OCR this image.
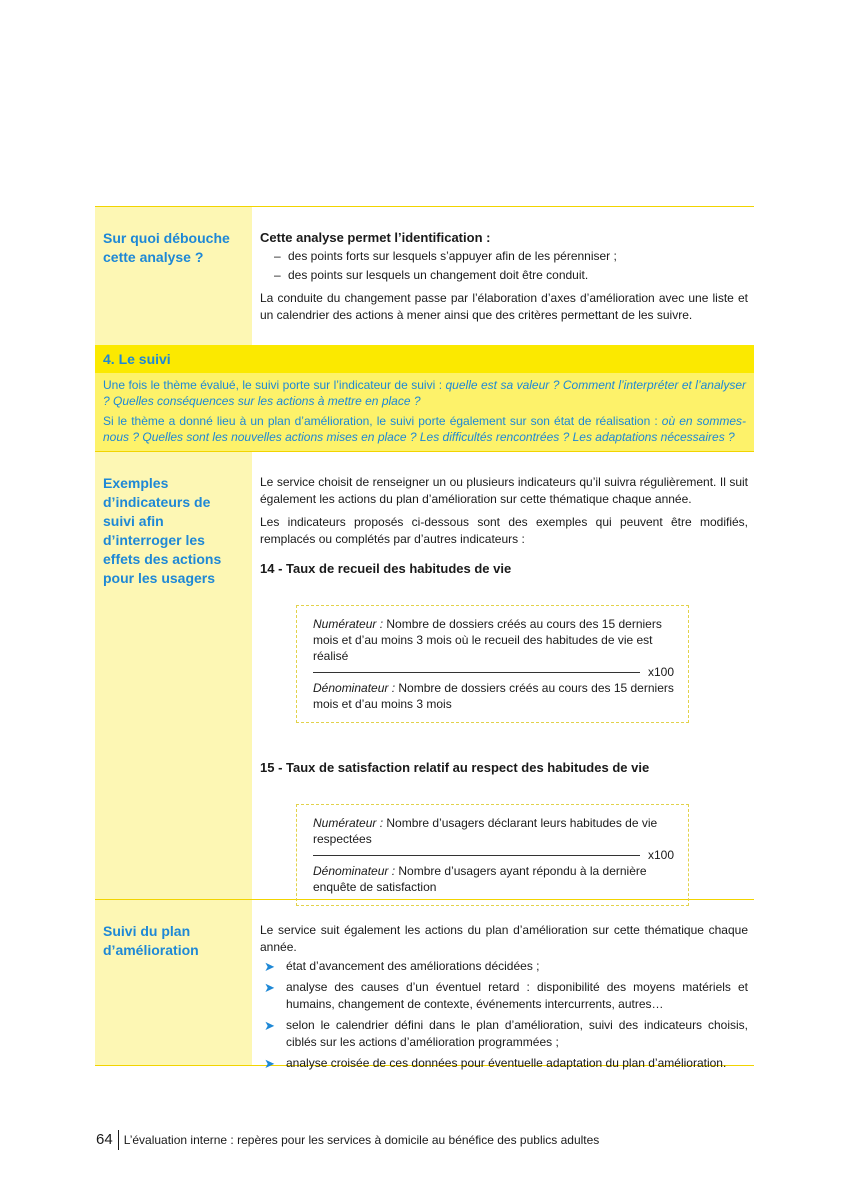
Sur quoi débouche cette analyse ?
Cette analyse permet l’identification :
– des points forts sur lesquels s’appuyer afin de les pérenniser ;
– des points sur lesquels un changement doit être conduit.

La conduite du changement passe par l’élaboration d’axes d’amélioration avec une liste et un calendrier des actions à mener ainsi que des critères permettant de les suivre.

4. Le suivi

Une fois le thème évalué, le suivi porte sur l’indicateur de suivi : quelle est sa valeur ? Comment l’interpréter et l’analyser ? Quelles conséquences sur les actions à mettre en place ?

Si le thème a donné lieu à un plan d’amélioration, le suivi porte également sur son état de réalisation : où en sommes-nous ? Quelles sont les nouvelles actions mises en place ? Les difficultés rencontrées ? Les adaptations nécessaires ?

Exemples d’indicateurs de suivi afin d’interroger les effets des actions pour les usagers

Le service choisit de renseigner un ou plusieurs indicateurs qu’il suivra régulièrement. Il suit également les actions du plan d’amélioration sur cette thématique chaque année.

Les indicateurs proposés ci-dessous sont des exemples qui peuvent être modifiés, remplacés ou complétés par d’autres indicateurs :

14 - Taux de recueil des habitudes de vie
Numérateur : Nombre de dossiers créés au cours des 15 derniers mois et d’au moins 3 mois où le recueil des habitudes de vie est réalisé
x100
Dénominateur : Nombre de dossiers créés au cours des 15 derniers mois et d’au moins 3 mois
15 - Taux de satisfaction relatif au respect des habitudes de vie
Numérateur : Nombre d’usagers déclarant leurs habitudes de vie respectées
x100
Dénominateur : Nombre d’usagers ayant répondu à la dernière enquête de satisfaction
Suivi du plan d’amélioration

Le service suit également les actions du plan d’amélioration sur cette thématique chaque année.

➤ état d’avancement des améliorations décidées ;
➤ analyse des causes d’un éventuel retard : disponibilité des moyens matériels et humains, changement de contexte, événements intercurrents, autres…
➤ selon le calendrier défini dans le plan d’amélioration, suivi des indicateurs choisis, ciblés sur les actions d’amélioration programmées ;
➤ analyse croisée de ces données pour éventuelle adaptation du plan d’amélioration.
64 L’évaluation interne : repères pour les services à domicile au bénéfice des publics adultes
